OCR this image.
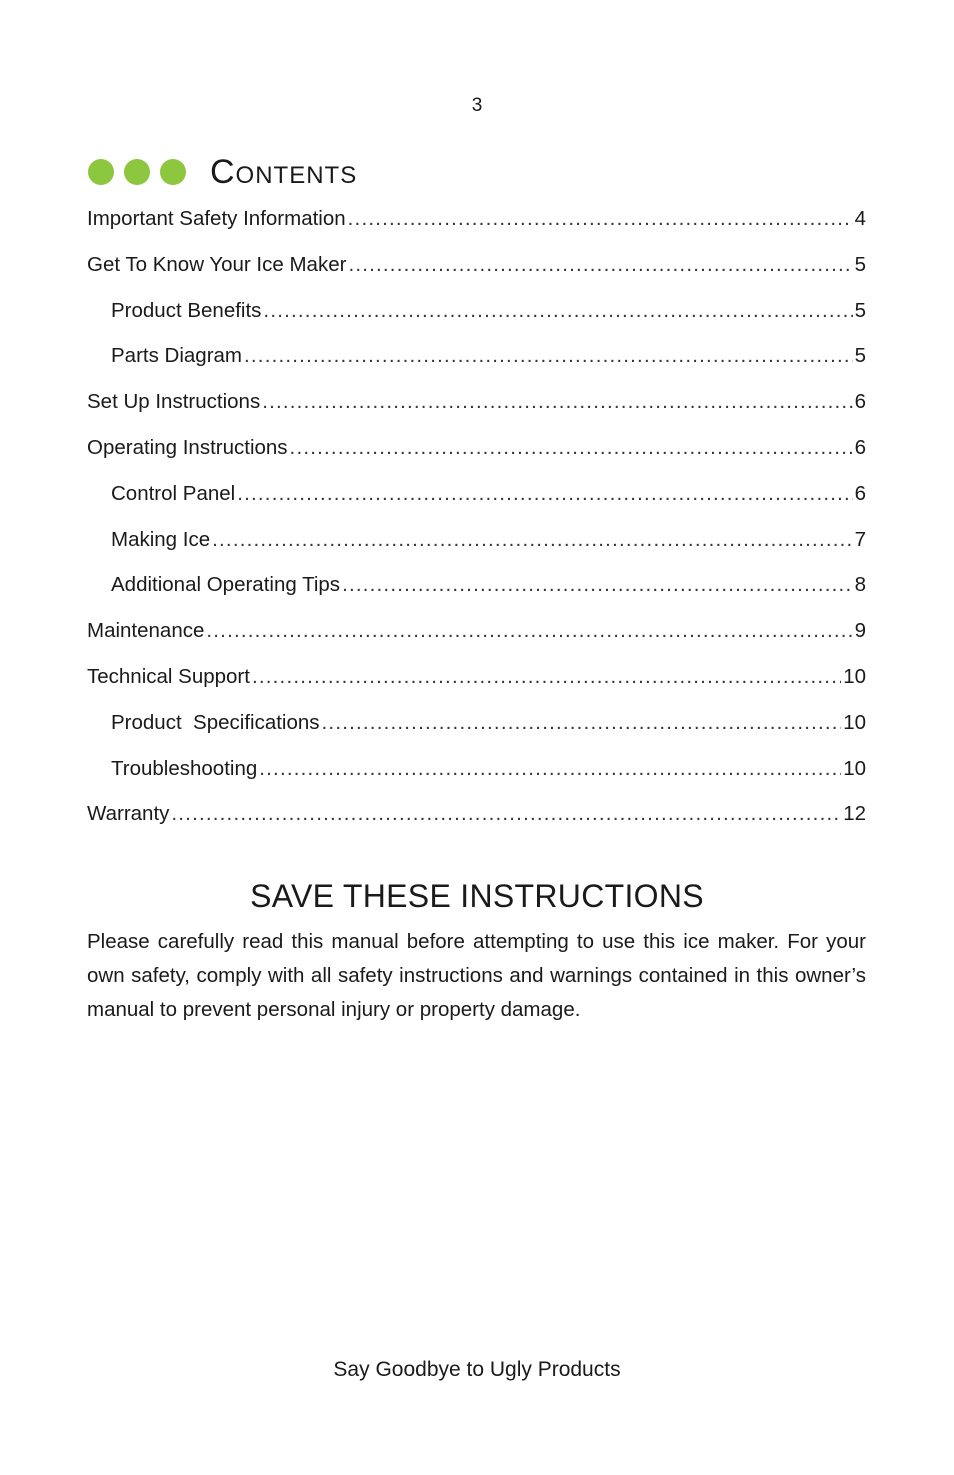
3
Contents
Important Safety Information .....	4
Get To Know Your Ice Maker .....	5
Product Benefits .....	5
Parts Diagram .....	5
Set Up Instructions .....	6
Operating Instructions .....	6
Control Panel .....	6
Making Ice .....	7
Additional Operating Tips .....	8
Maintenance .....	9
Technical Support .....	10
Product  Specifications .....	10
Troubleshooting .....	10
Warranty .....	12
SAVE THESE INSTRUCTIONS

Please carefully read this manual before attempting to use this ice maker. For your own safety, comply with all safety instructions and warnings contained in this owner’s manual to prevent personal injury or property damage.

Say Goodbye to Ugly Products
